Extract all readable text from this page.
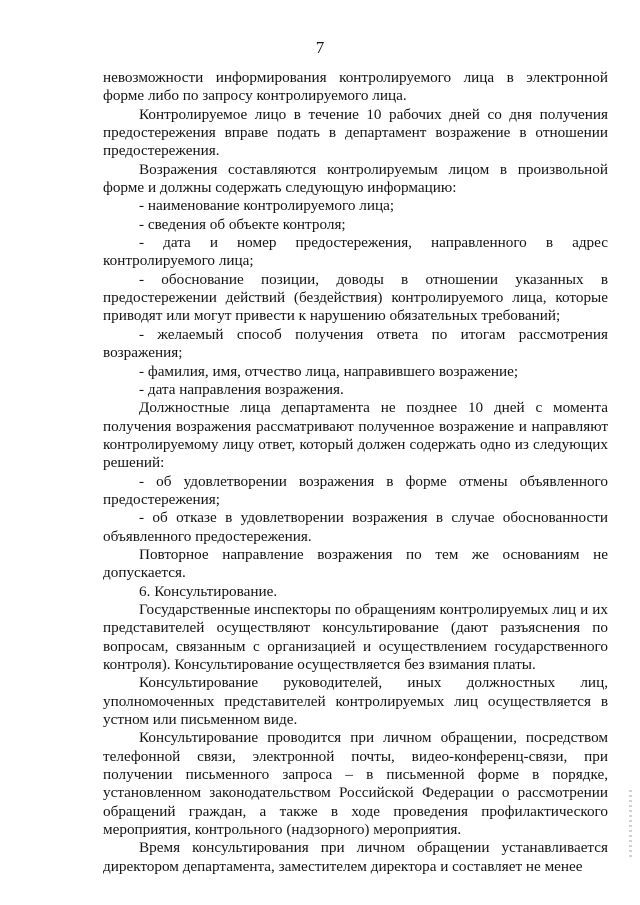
7

невозможности информирования контролируемого лица в электронной форме либо по запросу контролируемого лица.

Контролируемое лицо в течение 10 рабочих дней со дня получения предостережения вправе подать в департамент возражение в отношении предостережения.

Возражения составляются контролируемым лицом в произвольной форме и должны содержать следующую информацию:

- наименование контролируемого лица;

- сведения об объекте контроля;

- дата и номер предостережения, направленного в адрес контролируемого лица;

- обоснование позиции, доводы в отношении указанных в предостережении действий (бездействия) контролируемого лица, которые приводят или могут привести к нарушению обязательных требований;

- желаемый способ получения ответа по итогам рассмотрения возражения;

- фамилия, имя, отчество лица, направившего возражение;

- дата направления возражения.

Должностные лица департамента не позднее 10 дней с момента получения возражения рассматривают полученное возражение и направляют контролируемому лицу ответ, который должен содержать одно из следующих решений:

- об удовлетворении возражения в форме отмены объявленного предостережения;

- об отказе в удовлетворении возражения в случае обоснованности объявленного предостережения.

Повторное направление возражения по тем же основаниям не допускается.

6. Консультирование.

Государственные инспекторы по обращениям контролируемых лиц и их представителей осуществляют консультирование (дают разъяснения по вопросам, связанным с организацией и осуществлением государственного контроля). Консультирование осуществляется без взимания платы.

Консультирование руководителей, иных должностных лиц, уполномоченных представителей контролируемых лиц осуществляется в устном или письменном виде.

Консультирование проводится при личном обращении, посредством телефонной связи, электронной почты, видео-конференц-связи, при получении письменного запроса – в письменной форме в порядке, установленном законодательством Российской Федерации о рассмотрении обращений граждан, а также в ходе проведения профилактического мероприятия, контрольного (надзорного) мероприятия.

Время консультирования при личном обращении устанавливается директором департамента, заместителем директора и составляет не менее
